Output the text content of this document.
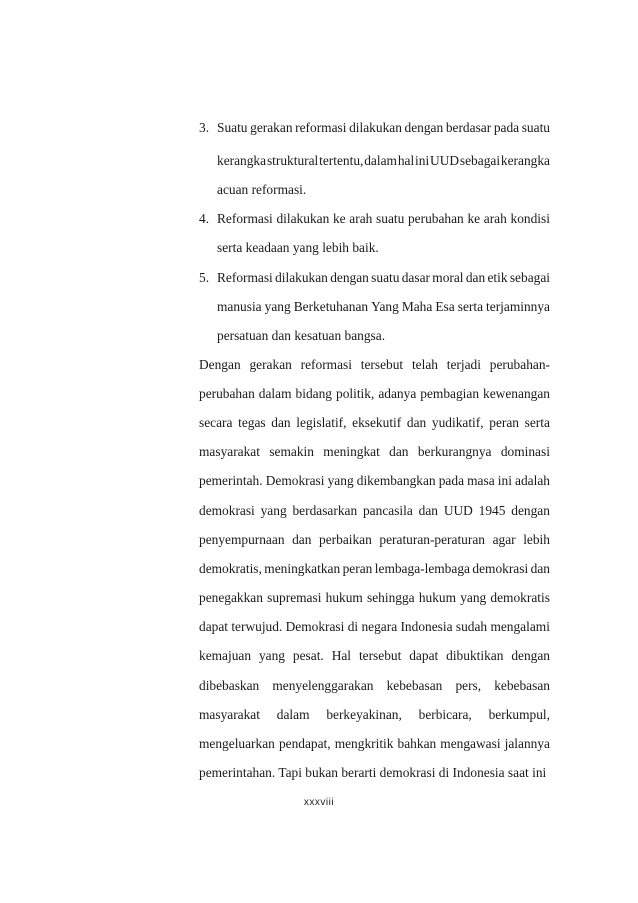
3. Suatu gerakan reformasi dilakukan dengan berdasar pada suatu
kerangka struktural tertentu, dalam hal ini UUD sebagai kerangka
acuan reformasi.
4. Reformasi dilakukan ke arah suatu perubahan ke arah kondisi
serta keadaan yang lebih baik.
5. Reformasi dilakukan dengan suatu dasar moral dan etik sebagai
manusia yang Berketuhanan Yang Maha Esa serta terjaminnya
persatuan dan kesatuan bangsa.
Dengan gerakan reformasi tersebut telah terjadi perubahan-
perubahan dalam bidang politik, adanya pembagian kewenangan
secara tegas dan legislatif, eksekutif dan yudikatif, peran serta
masyarakat semakin meningkat dan berkurangnya dominasi
pemerintah. Demokrasi yang dikembangkan pada masa ini adalah
demokrasi yang berdasarkan pancasila dan UUD 1945 dengan
penyempurnaan dan perbaikan peraturan-peraturan agar lebih
demokratis, meningkatkan peran lembaga-lembaga demokrasi dan
penegakkan supremasi hukum sehingga hukum yang demokratis
dapat terwujud. Demokrasi di negara Indonesia sudah mengalami
kemajuan yang pesat. Hal tersebut dapat dibuktikan dengan
dibebaskan menyelenggarakan kebebasan pers, kebebasan
masyarakat dalam berkeyakinan, berbicara, berkumpul,
mengeluarkan pendapat, mengkritik bahkan mengawasi jalannya
pemerintahan. Tapi bukan berarti demokrasi di Indonesia saat ini
xxxviii
